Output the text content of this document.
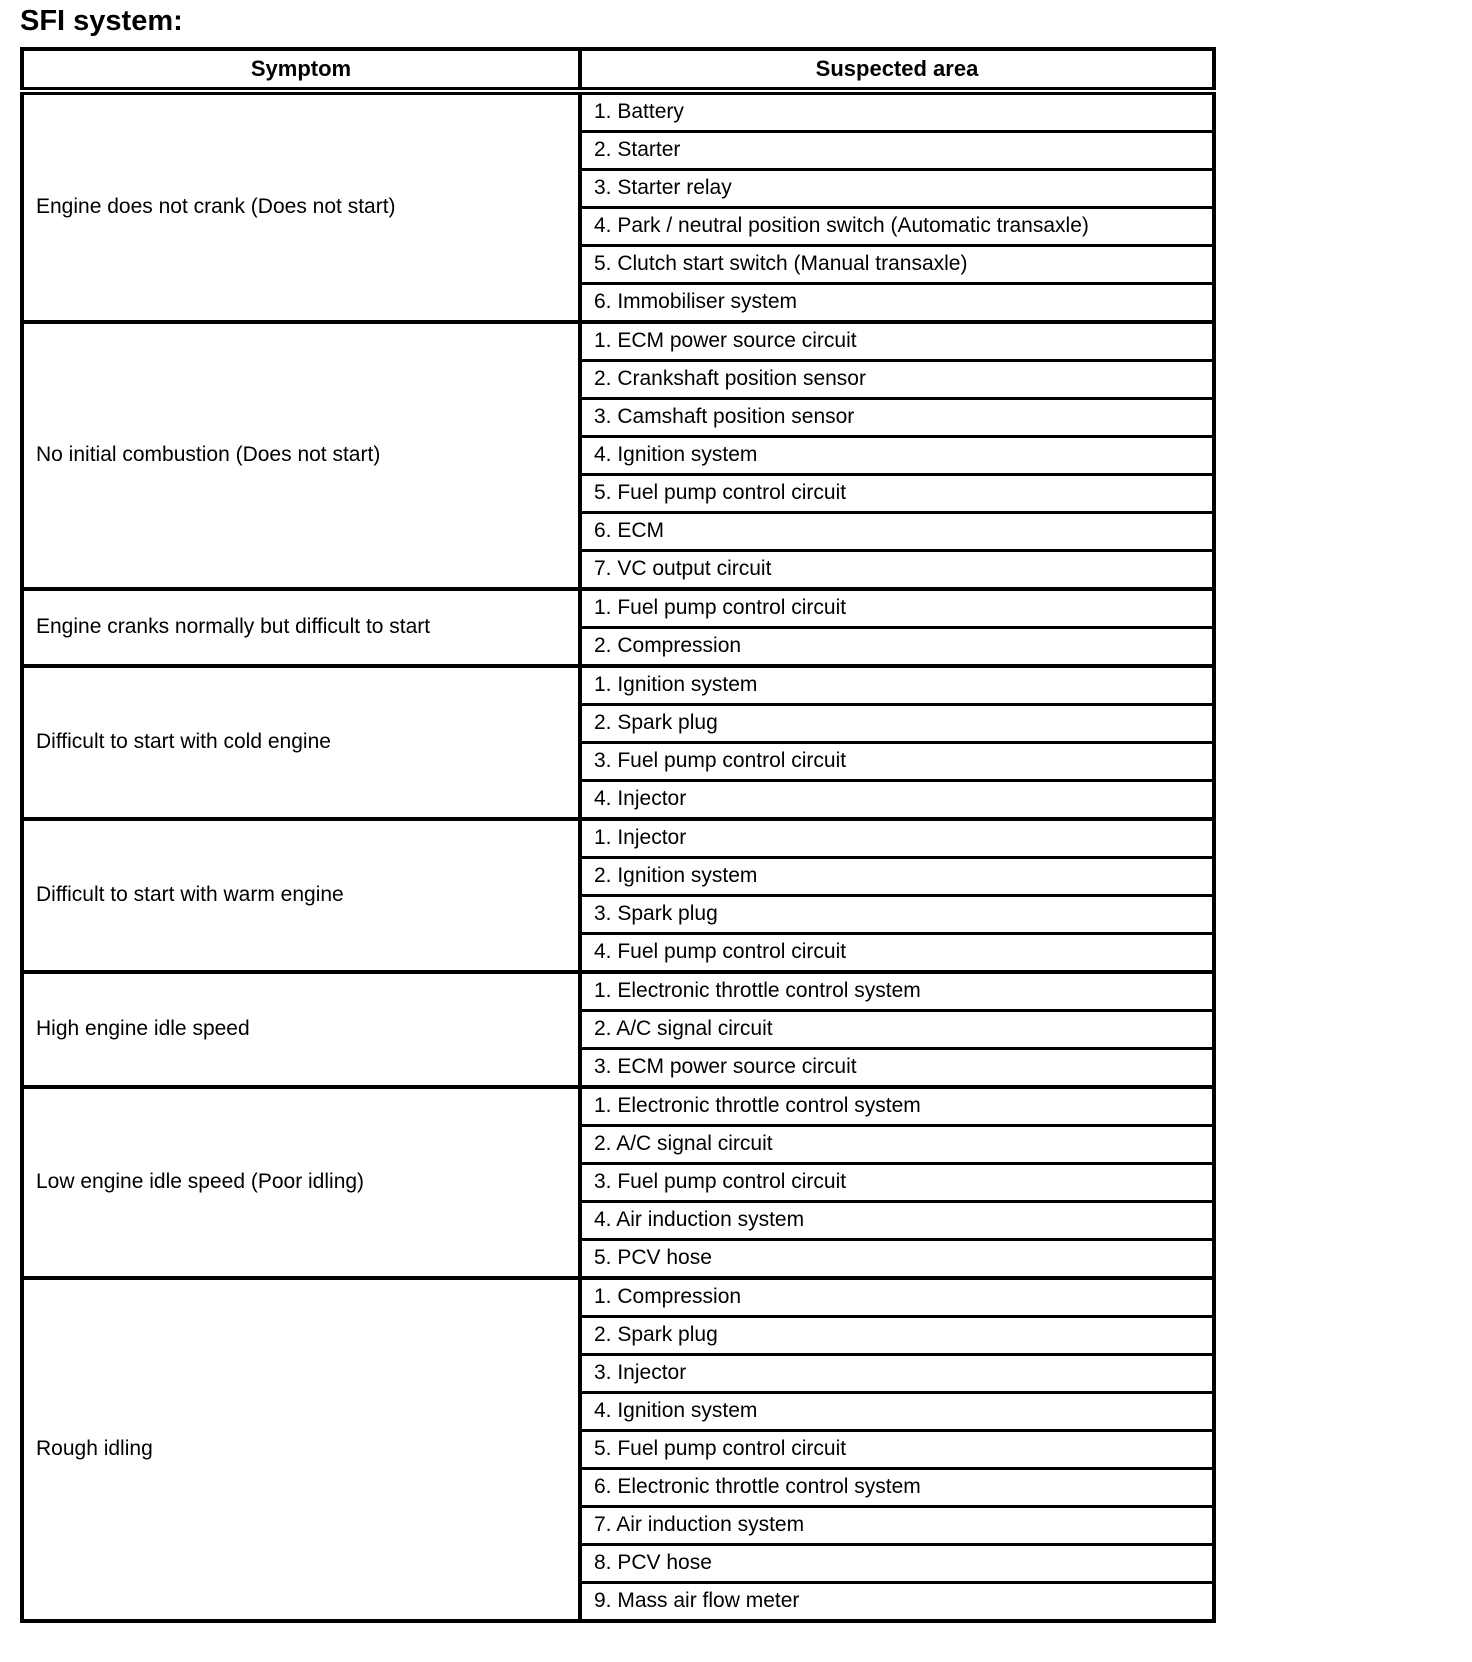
SFI system:
Symptom	Suspected area
Engine does not crank (Does not start)	1. Battery
	2. Starter
	3. Starter relay
	4. Park / neutral position switch (Automatic transaxle)
	5. Clutch start switch (Manual transaxle)
	6. Immobiliser system
No initial combustion (Does not start)	1. ECM power source circuit
	2. Crankshaft position sensor
	3. Camshaft position sensor
	4. Ignition system
	5. Fuel pump control circuit
	6. ECM
	7. VC output circuit
Engine cranks normally but difficult to start	1. Fuel pump control circuit
	2. Compression
Difficult to start with cold engine	1. Ignition system
	2. Spark plug
	3. Fuel pump control circuit
	4. Injector
Difficult to start with warm engine	1. Injector
	2. Ignition system
	3. Spark plug
	4. Fuel pump control circuit
High engine idle speed	1. Electronic throttle control system
	2. A/C signal circuit
	3. ECM power source circuit
Low engine idle speed (Poor idling)	1. Electronic throttle control system
	2. A/C signal circuit
	3. Fuel pump control circuit
	4. Air induction system
	5. PCV hose
Rough idling	1. Compression
	2. Spark plug
	3. Injector
	4. Ignition system
	5. Fuel pump control circuit
	6. Electronic throttle control system
	7. Air induction system
	8. PCV hose
	9. Mass air flow meter
